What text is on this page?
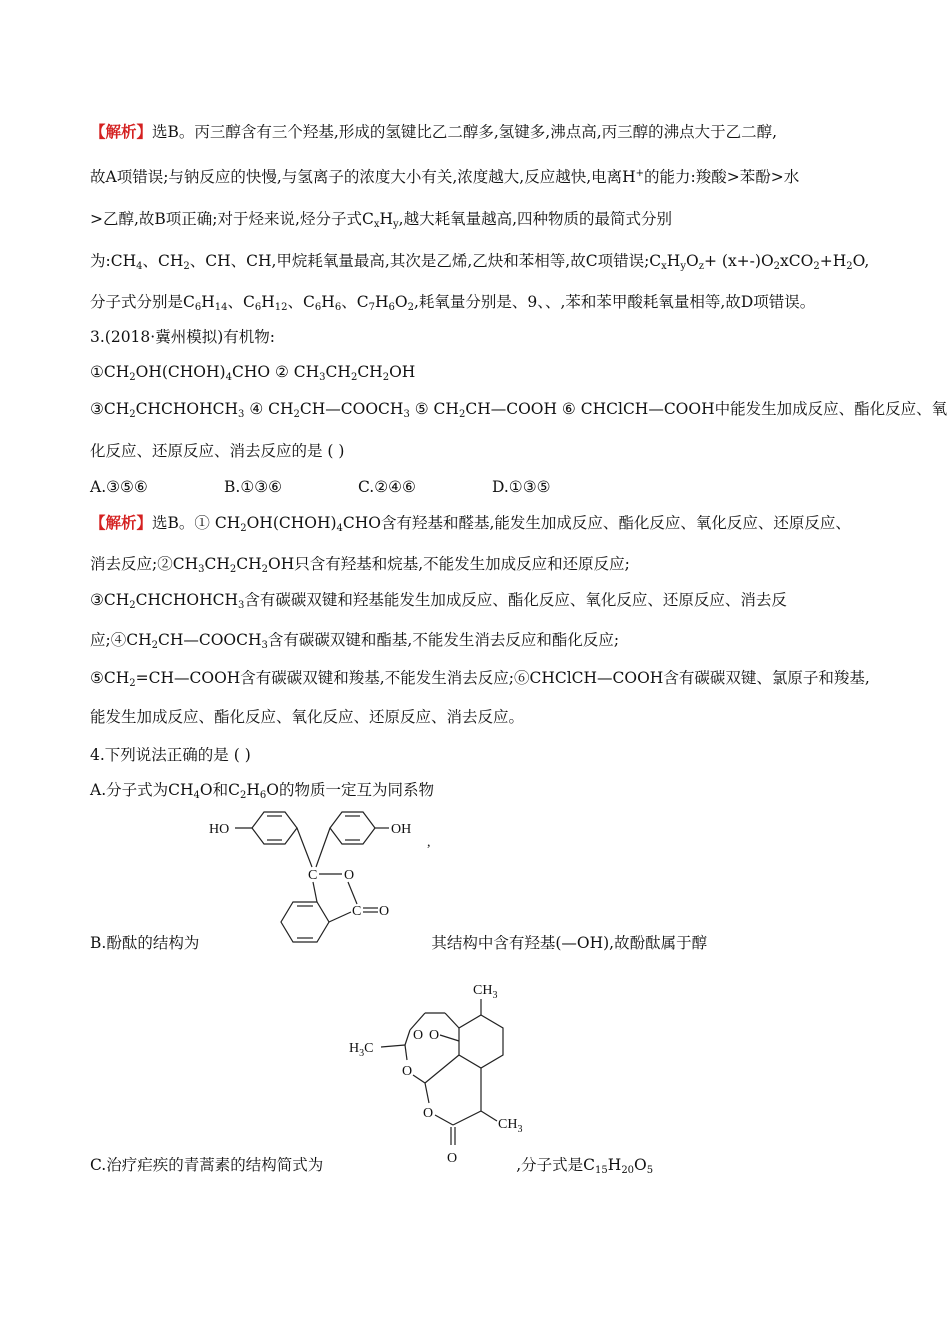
【解析】选B。丙三醇含有三个羟基,形成的氢键比乙二醇多,氢键多,沸点高,丙三醇的沸点大于乙二醇,
故A项错误;与钠反应的快慢,与氢离子的浓度大小有关,浓度越大,反应越快,电离H+的能力:羧酸>苯酚>水
>乙醇,故B项正确;对于烃来说,烃分子式$C_xH_y$,越大耗氧量越高,四种物质的最简式分别
为$:CH_4$、$CH_2$、CH、CH,甲烷耗氧量最高,其次是乙烯,乙炔和苯相等,故C项错误$;C_xH_yO_z+ (x+-)O_2xCO_2+H_2O$,
分子式分别是$C_6H_{14}$、$C_6H_{12}$、$C_6H_6$、$C_7H_6O_2$,耗氧量分别是、9、、,苯和苯甲酸耗氧量相等,故D项错误。
3.(2018·冀州模拟)有机物:
$①CH_2OH(CHOH)_4CHO$ ② $CH_3CH_2CH_2OH$
$③CH_2CHCHOHCH_3$ ④ $CH_2CH—COOCH_3$ ⑤ $CH_2CH—COOH$ ⑥ CHClCH—COOH中能发生加成反应、酯化反应、氧
化反应、还原反应、消去反应的是 ( )
A.③⑤⑥	B.①③⑥	C.②④⑥	D.①③⑤
【解析】选B。① $CH_2OH(CHOH)_4CHO$含有羟基和醛基,能发生加成反应、酯化反应、氧化反应、还原反应、
消去反应$;②CH_3CH_2CH_2OH$只含有羟基和烷基,不能发生加成反应和还原反应;
$③CH_2CHCHOHCH_3$含有碳碳双键和羟基能发生加成反应、酯化反应、氧化反应、还原反应、消去反
应$;④CH_2CH—COOCH_3$含有碳碳双键和酯基,不能发生消去反应和酯化反应;
$⑤CH_2=CH—COOH$含有碳碳双键和羧基,不能发生消去反应;⑥CHClCH—COOH含有碳碳双键、氯原子和羧基,
能发生加成反应、酯化反应、氧化反应、还原反应、消去反应。
4.下列说法正确的是 ( )
A.分子式为$CH_4O$和$C_2H_6O$的物质一定互为同系物
HO	OH
,
C O
C O
B.酚酞的结构为	其结构中含有羟基(—OH),故酚酞属于醇
$CH_3$
$H_3C$
O O
O
O
O
$CH_3$
C.治疗疟疾的青蒿素的结构简式为	,分子式是$C_{15}H_{20}O_5$
